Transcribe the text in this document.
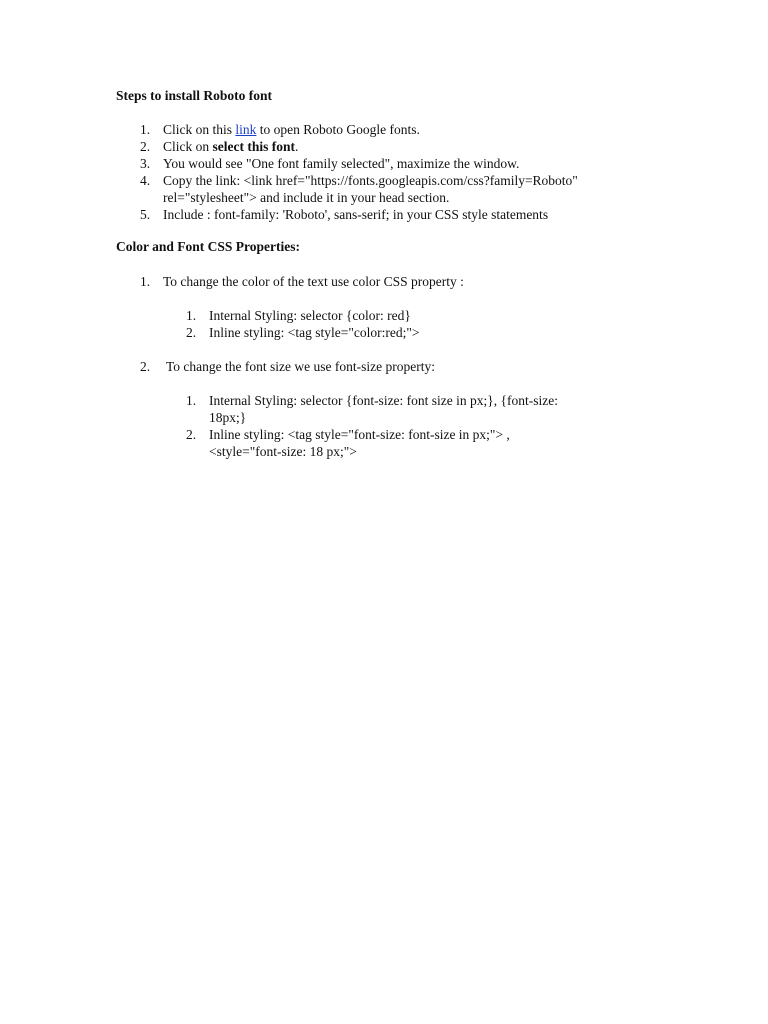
Steps to install Roboto font
1. Click on this link to open Roboto Google fonts.
2. Click on select this font.
3. You would see "One font family selected", maximize the window.
4. Copy the link: <link href="https://fonts.googleapis.com/css?family=Roboto"
rel="stylesheet"> and include it in your head section.
5. Include : font-family: 'Roboto', sans-serif; in your CSS style statements
Color and Font CSS Properties:
1. To change the color of the text use color CSS property :
1. Internal Styling: selector {color: red}
2. Inline styling: <tag style="color:red;">
2. To change the font size we use font-size property:
1. Internal Styling: selector {font-size: font size in px;}, {font-size:
18px;}
2. Inline styling: <tag style="font-size: font-size in px;"> ,
<style="font-size: 18 px;">
